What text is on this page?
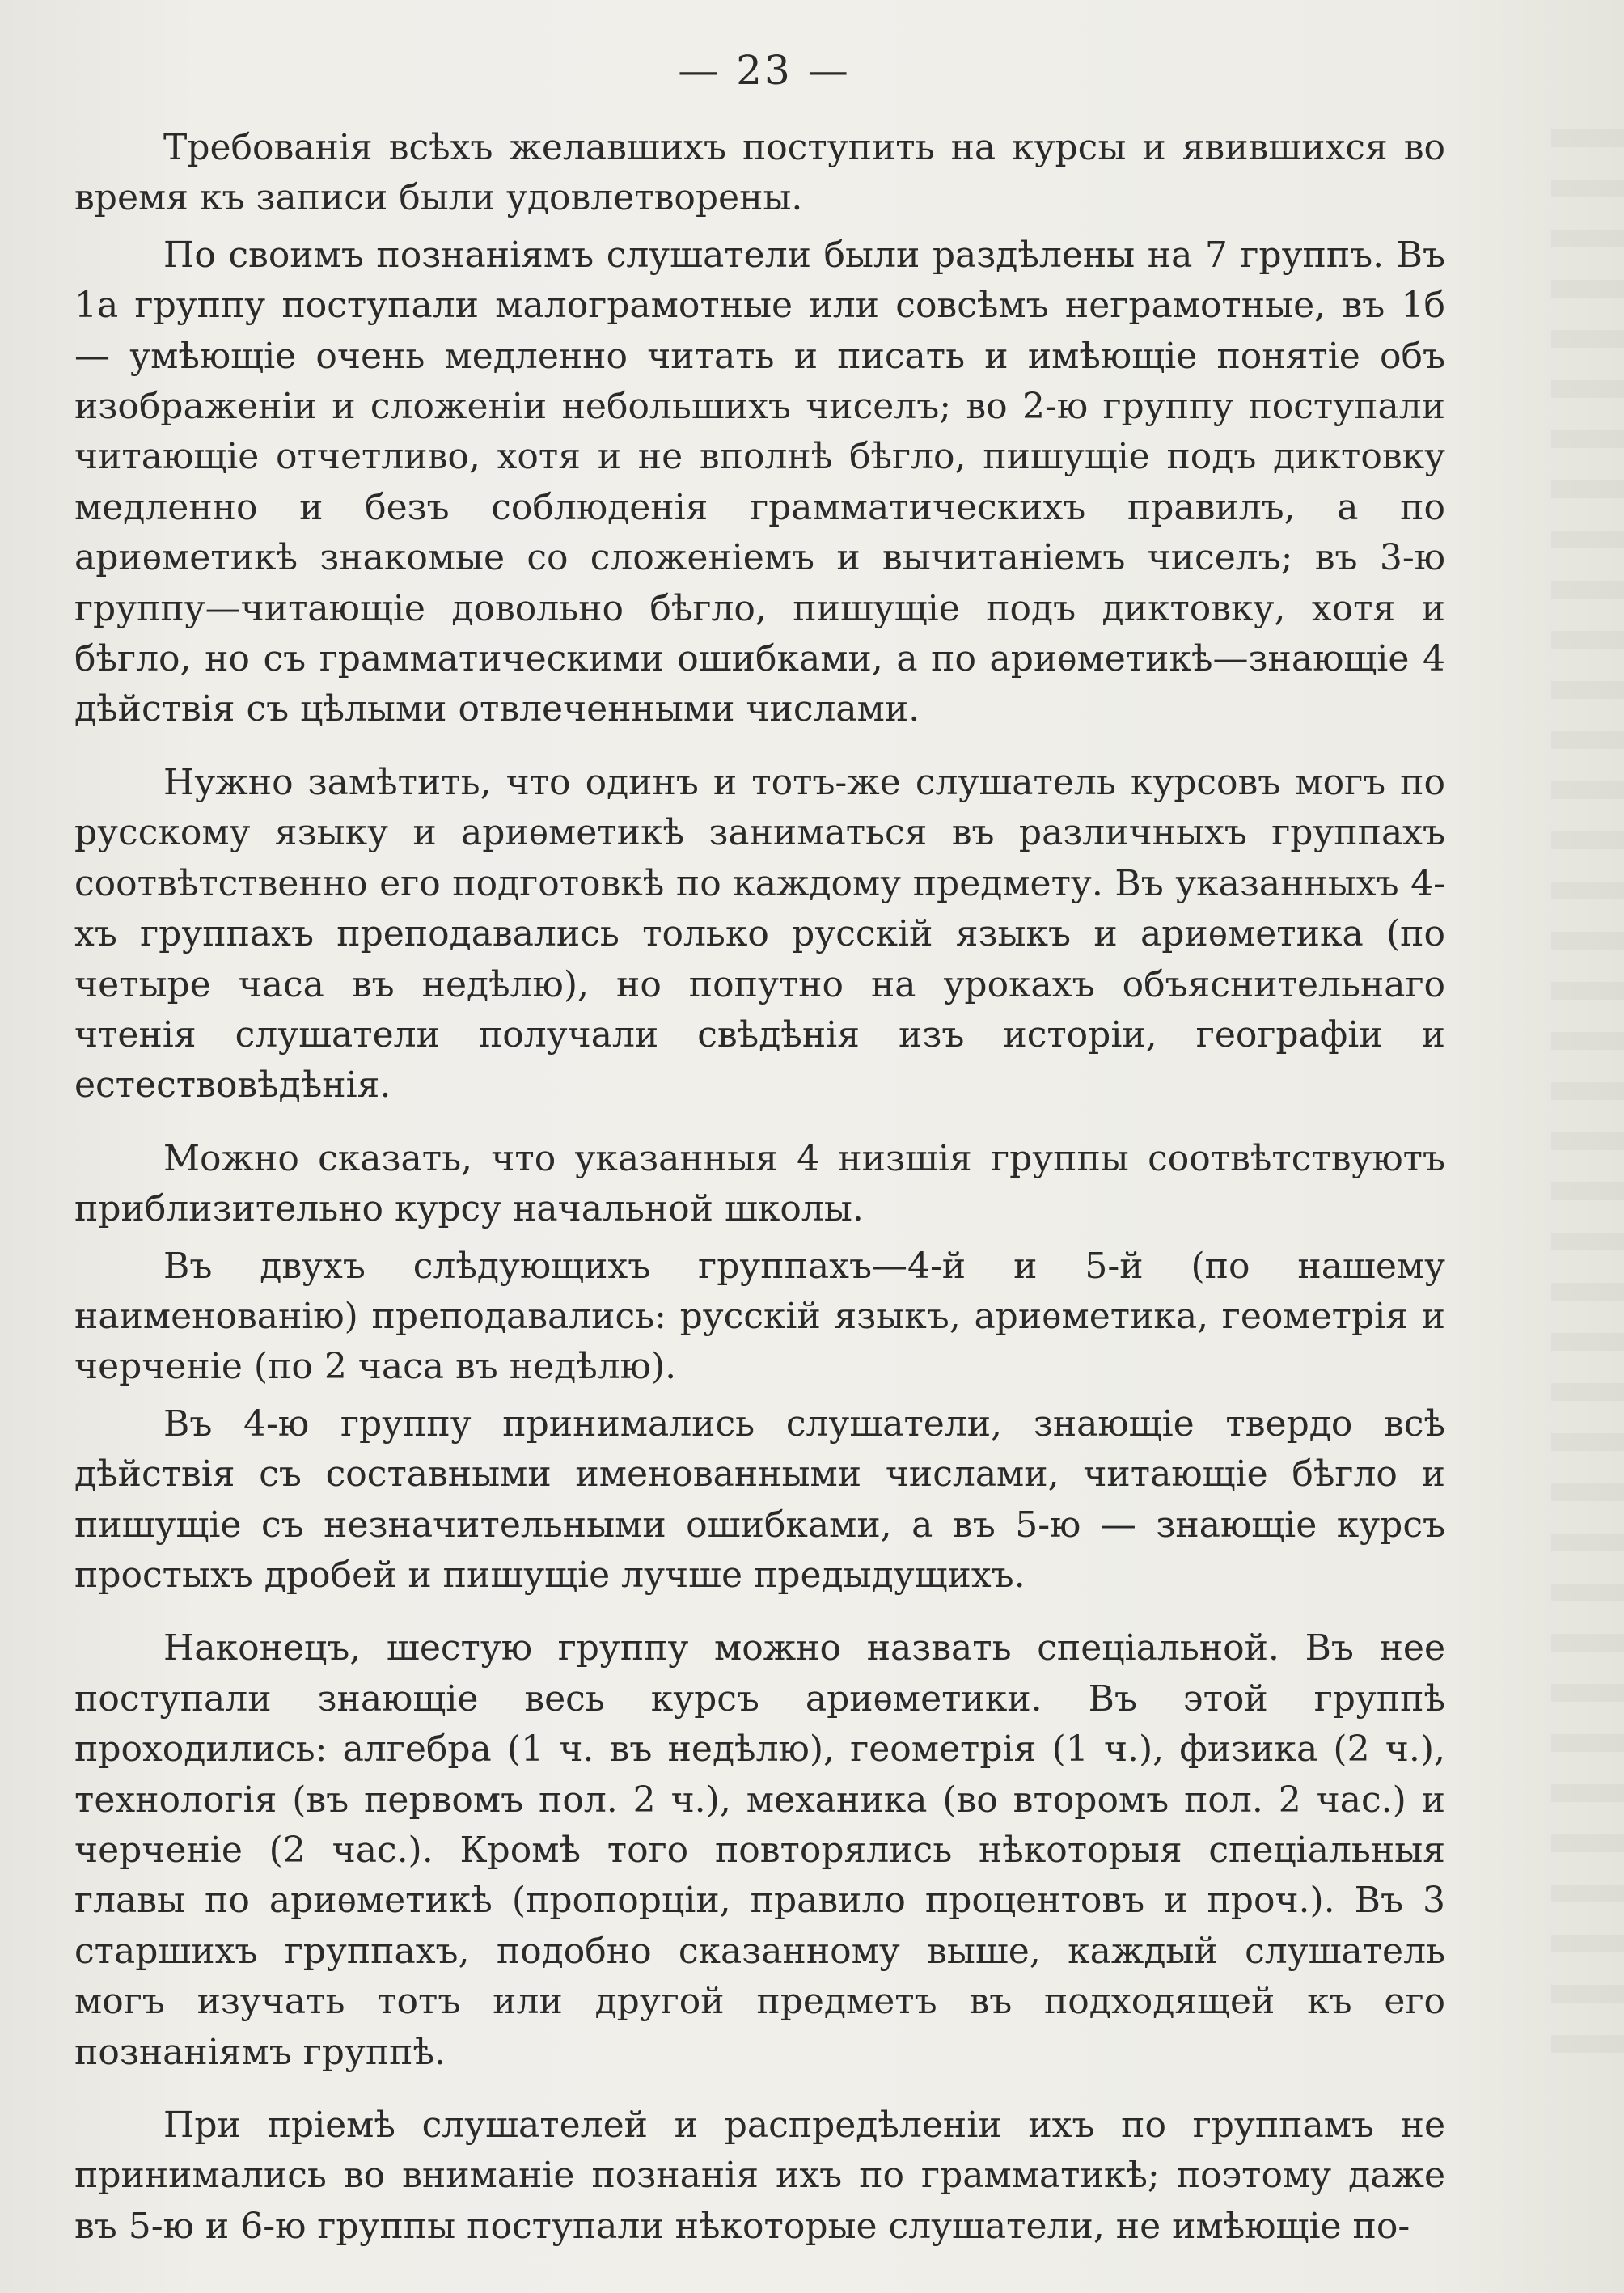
— 23 —

Требованія всѣхъ желавшихъ поступить на курсы и явившихся во время къ записи были удовлетворены.

По своимъ познаніямъ слушатели были раздѣлены на 7 группъ. Въ 1а группу поступали малограмотные или совсѣмъ неграмотные, въ 1б — умѣющіе очень медленно читать и писать и имѣющіе понятіе объ изображеніи и сложеніи небольшихъ чиселъ; во 2-ю группу поступали читающіе отчетливо, хотя и не вполнѣ бѣгло, пишущіе подъ диктовку медленно и безъ соблюденія грамматическихъ правилъ, а по ариѳметикѣ знакомые со сложеніемъ и вычитаніемъ чиселъ; въ 3-ю группу—читающіе довольно бѣгло, пишущіе подъ диктовку, хотя и бѣгло, но съ грамматическими ошибками, а по ариѳметикѣ—знающіе 4 дѣйствія съ цѣлыми отвлеченными числами.

Нужно замѣтить, что одинъ и тотъ-же слушатель курсовъ могъ по русскому языку и ариѳметикѣ заниматься въ различныхъ группахъ соотвѣтственно его подготовкѣ по каждому предмету. Въ указанныхъ 4-хъ группахъ преподавались только русскій языкъ и ариѳметика (по четыре часа въ недѣлю), но попутно на урокахъ объяснительнаго чтенія слушатели получали свѣдѣнія изъ исторіи, географіи и естествовѣдѣнія.

Можно сказать, что указанныя 4 низшія группы соотвѣтствуютъ приблизительно курсу начальной школы.

Въ двухъ слѣдующихъ группахъ—4-й и 5-й (по нашему наименованію) преподавались: русскій языкъ, ариѳметика, геометрія и черченіе (по 2 часа въ недѣлю).

Въ 4-ю группу принимались слушатели, знающіе твердо всѣ дѣйствія съ составными именованными числами, читающіе бѣгло и пишущіе съ незначительными ошибками, а въ 5-ю — знающіе курсъ простыхъ дробей и пишущіе лучше предыдущихъ.

Наконецъ, шестую группу можно назвать спеціальной. Въ нее поступали знающіе весь курсъ ариѳметики. Въ этой группѣ проходились: алгебра (1 ч. въ недѣлю), геометрія (1 ч.), физика (2 ч.), технологія (въ первомъ пол. 2 ч.), механика (во второмъ пол. 2 час.) и черченіе (2 час.). Кромѣ того повторялись нѣкоторыя спеціальныя главы по ариѳметикѣ (пропорціи, правило процентовъ и проч.). Въ 3 старшихъ группахъ, подобно сказанному выше, каждый слушатель могъ изучать тотъ или другой предметъ въ подходящей къ его познаніямъ группѣ.

При пріемѣ слушателей и распредѣленіи ихъ по группамъ не принимались во вниманіе познанія ихъ по грамматикѣ; поэтому даже въ 5-ю и 6-ю группы поступали нѣкоторые слушатели, не имѣющіе по-
